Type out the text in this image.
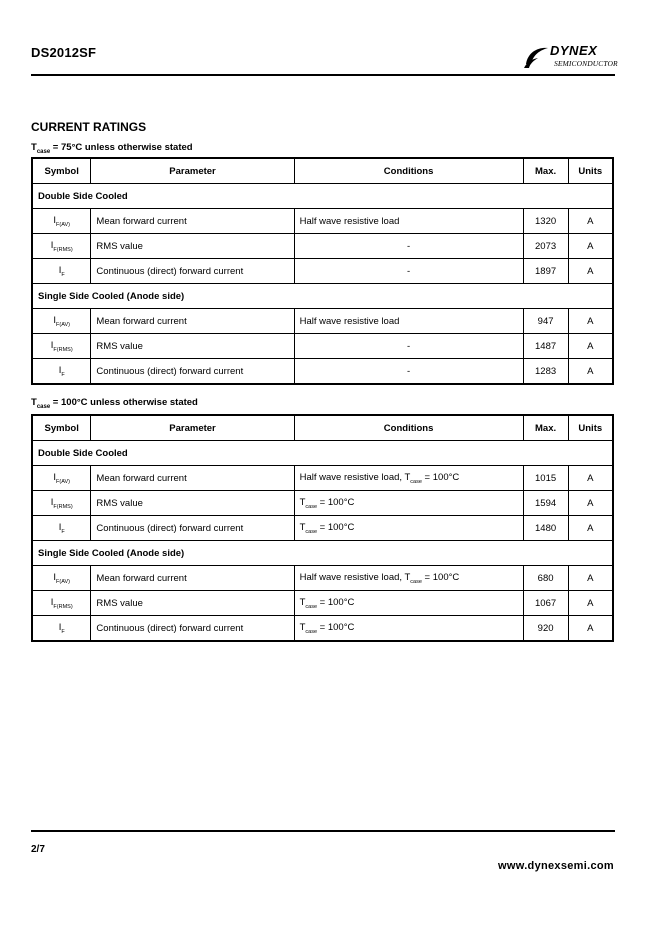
DS2012SF	DYNEX
SEMICONDUCTOR
CURRENT RATINGS
$T_{case} = 75^\circ C$ unless otherwise stated
Symbol	Parameter	Conditions	Max.	Units
Double Side Cooled				
$I_{F(AV)}$	Mean forward current	Half wave resistive load	1320	A
$I_{F(RMS)}$	RMS value	-	2073	A
$I_F$	Continuous (direct) forward current	-	1897	A
Single Side Cooled (Anode side)				
$I_{F(AV)}$	Mean forward current	Half wave resistive load	947	A
$I_{F(RMS)}$	RMS value	-	1487	A
$I_F$	Continuous (direct) forward current	-	1283	A
$T_{case} = 100^\circ C$ unless otherwise stated
Symbol	Parameter	Conditions	Max.	Units
Double Side Cooled				
$I_{F(AV)}$	Mean forward current	Half wave resistive load, $T_{case} = 100^\circ C$	1015	A
$I_{F(RMS)}$	RMS value	$T_{case} = 100^\circ C$	1594	A
$I_F$	Continuous (direct) forward current	$T_{case} = 100^\circ C$	1480	A
Single Side Cooled (Anode side)				
$I_{F(AV)}$	Mean forward current	Half wave resistive load, $T_{case} = 100^\circ C$	680	A
$I_{F(RMS)}$	RMS value	$T_{case} = 100^\circ C$	1067	A
$I_F$	Continuous (direct) forward current	$T_{case} = 100^\circ C$	920	A
2/7
www.dynexsemi.com
